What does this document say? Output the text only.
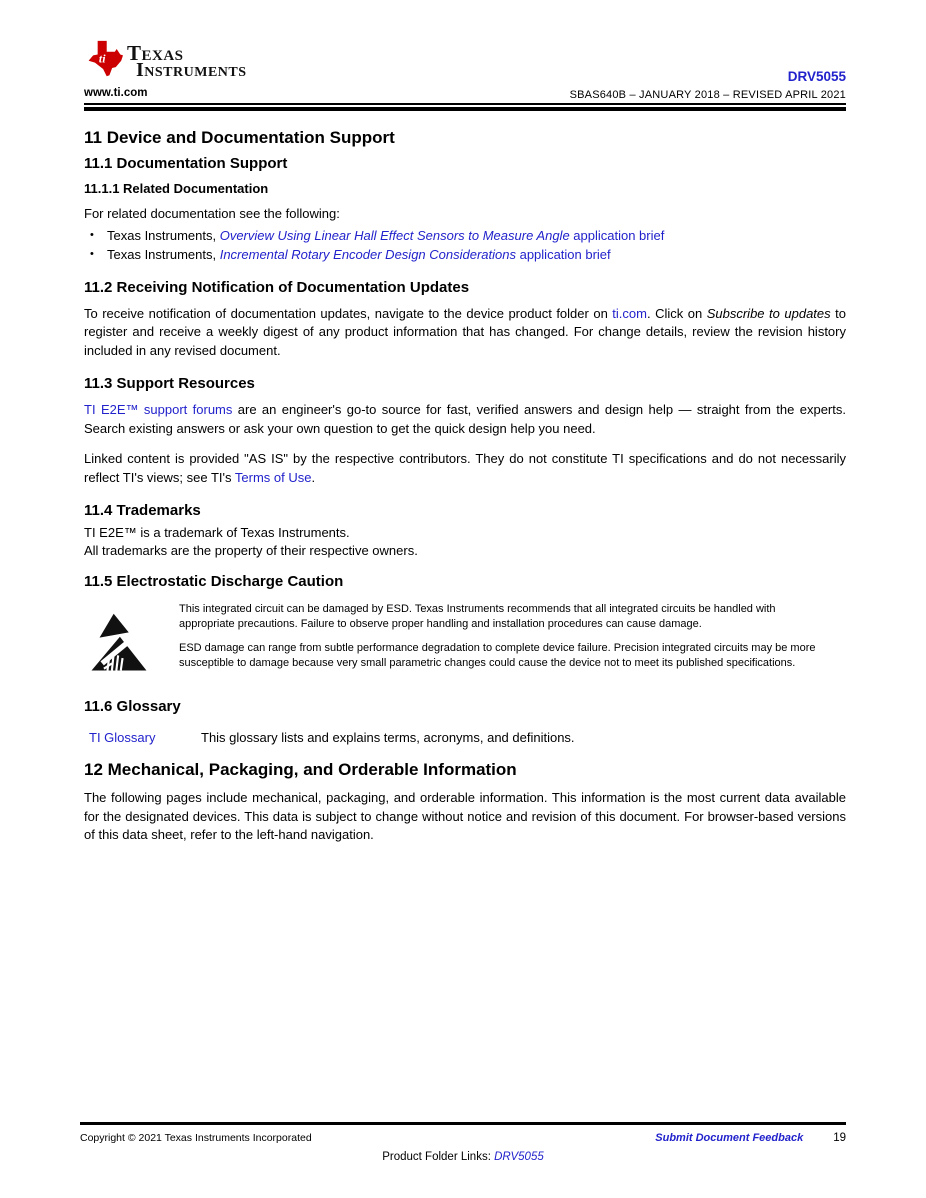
ti Texas
Instruments
www.ti.com
DRV5055
SBAS640B – JANUARY 2018 – REVISED APRIL 2021
11 Device and Documentation Support
11.1 Documentation Support
11.1.1 Related Documentation

For related documentation see the following:

•	Texas Instruments, Overview Using Linear Hall Effect Sensors to Measure Angle application brief
•	Texas Instruments, Incremental Rotary Encoder Design Considerations application brief
11.2 Receiving Notification of Documentation Updates

To receive notification of documentation updates, navigate to the device product folder on ti.com. Click on Subscribe to updates to register and receive a weekly digest of any product information that has changed. For change details, review the revision history included in any revised document.

11.3 Support Resources

TI E2E™ support forums are an engineer's go-to source for fast, verified answers and design help — straight from the experts. Search existing answers or ask your own question to get the quick design help you need.

Linked content is provided "AS IS" by the respective contributors. They do not constitute TI specifications and do not necessarily reflect TI's views; see TI's Terms of Use.

11.4 Trademarks
TI E2E™ is a trademark of Texas Instruments.
All trademarks are the property of their respective owners.
11.5 Electrostatic Discharge Caution

This integrated circuit can be damaged by ESD. Texas Instruments recommends that all integrated circuits be handled with appropriate precautions. Failure to observe proper handling and installation procedures can cause damage.

ESD damage can range from subtle performance degradation to complete device failure. Precision integrated circuits may be more susceptible to damage because very small parametric changes could cause the device not to meet its published specifications.

11.6 Glossary
TI Glossary	This glossary lists and explains terms, acronyms, and definitions.
12 Mechanical, Packaging, and Orderable Information

The following pages include mechanical, packaging, and orderable information. This information is the most current data available for the designated devices. This data is subject to change without notice and revision of this document. For browser-based versions of this data sheet, refer to the left-hand navigation.

Copyright © 2021 Texas Instruments Incorporated	Submit Document Feedback	19
Product Folder Links: DRV5055
